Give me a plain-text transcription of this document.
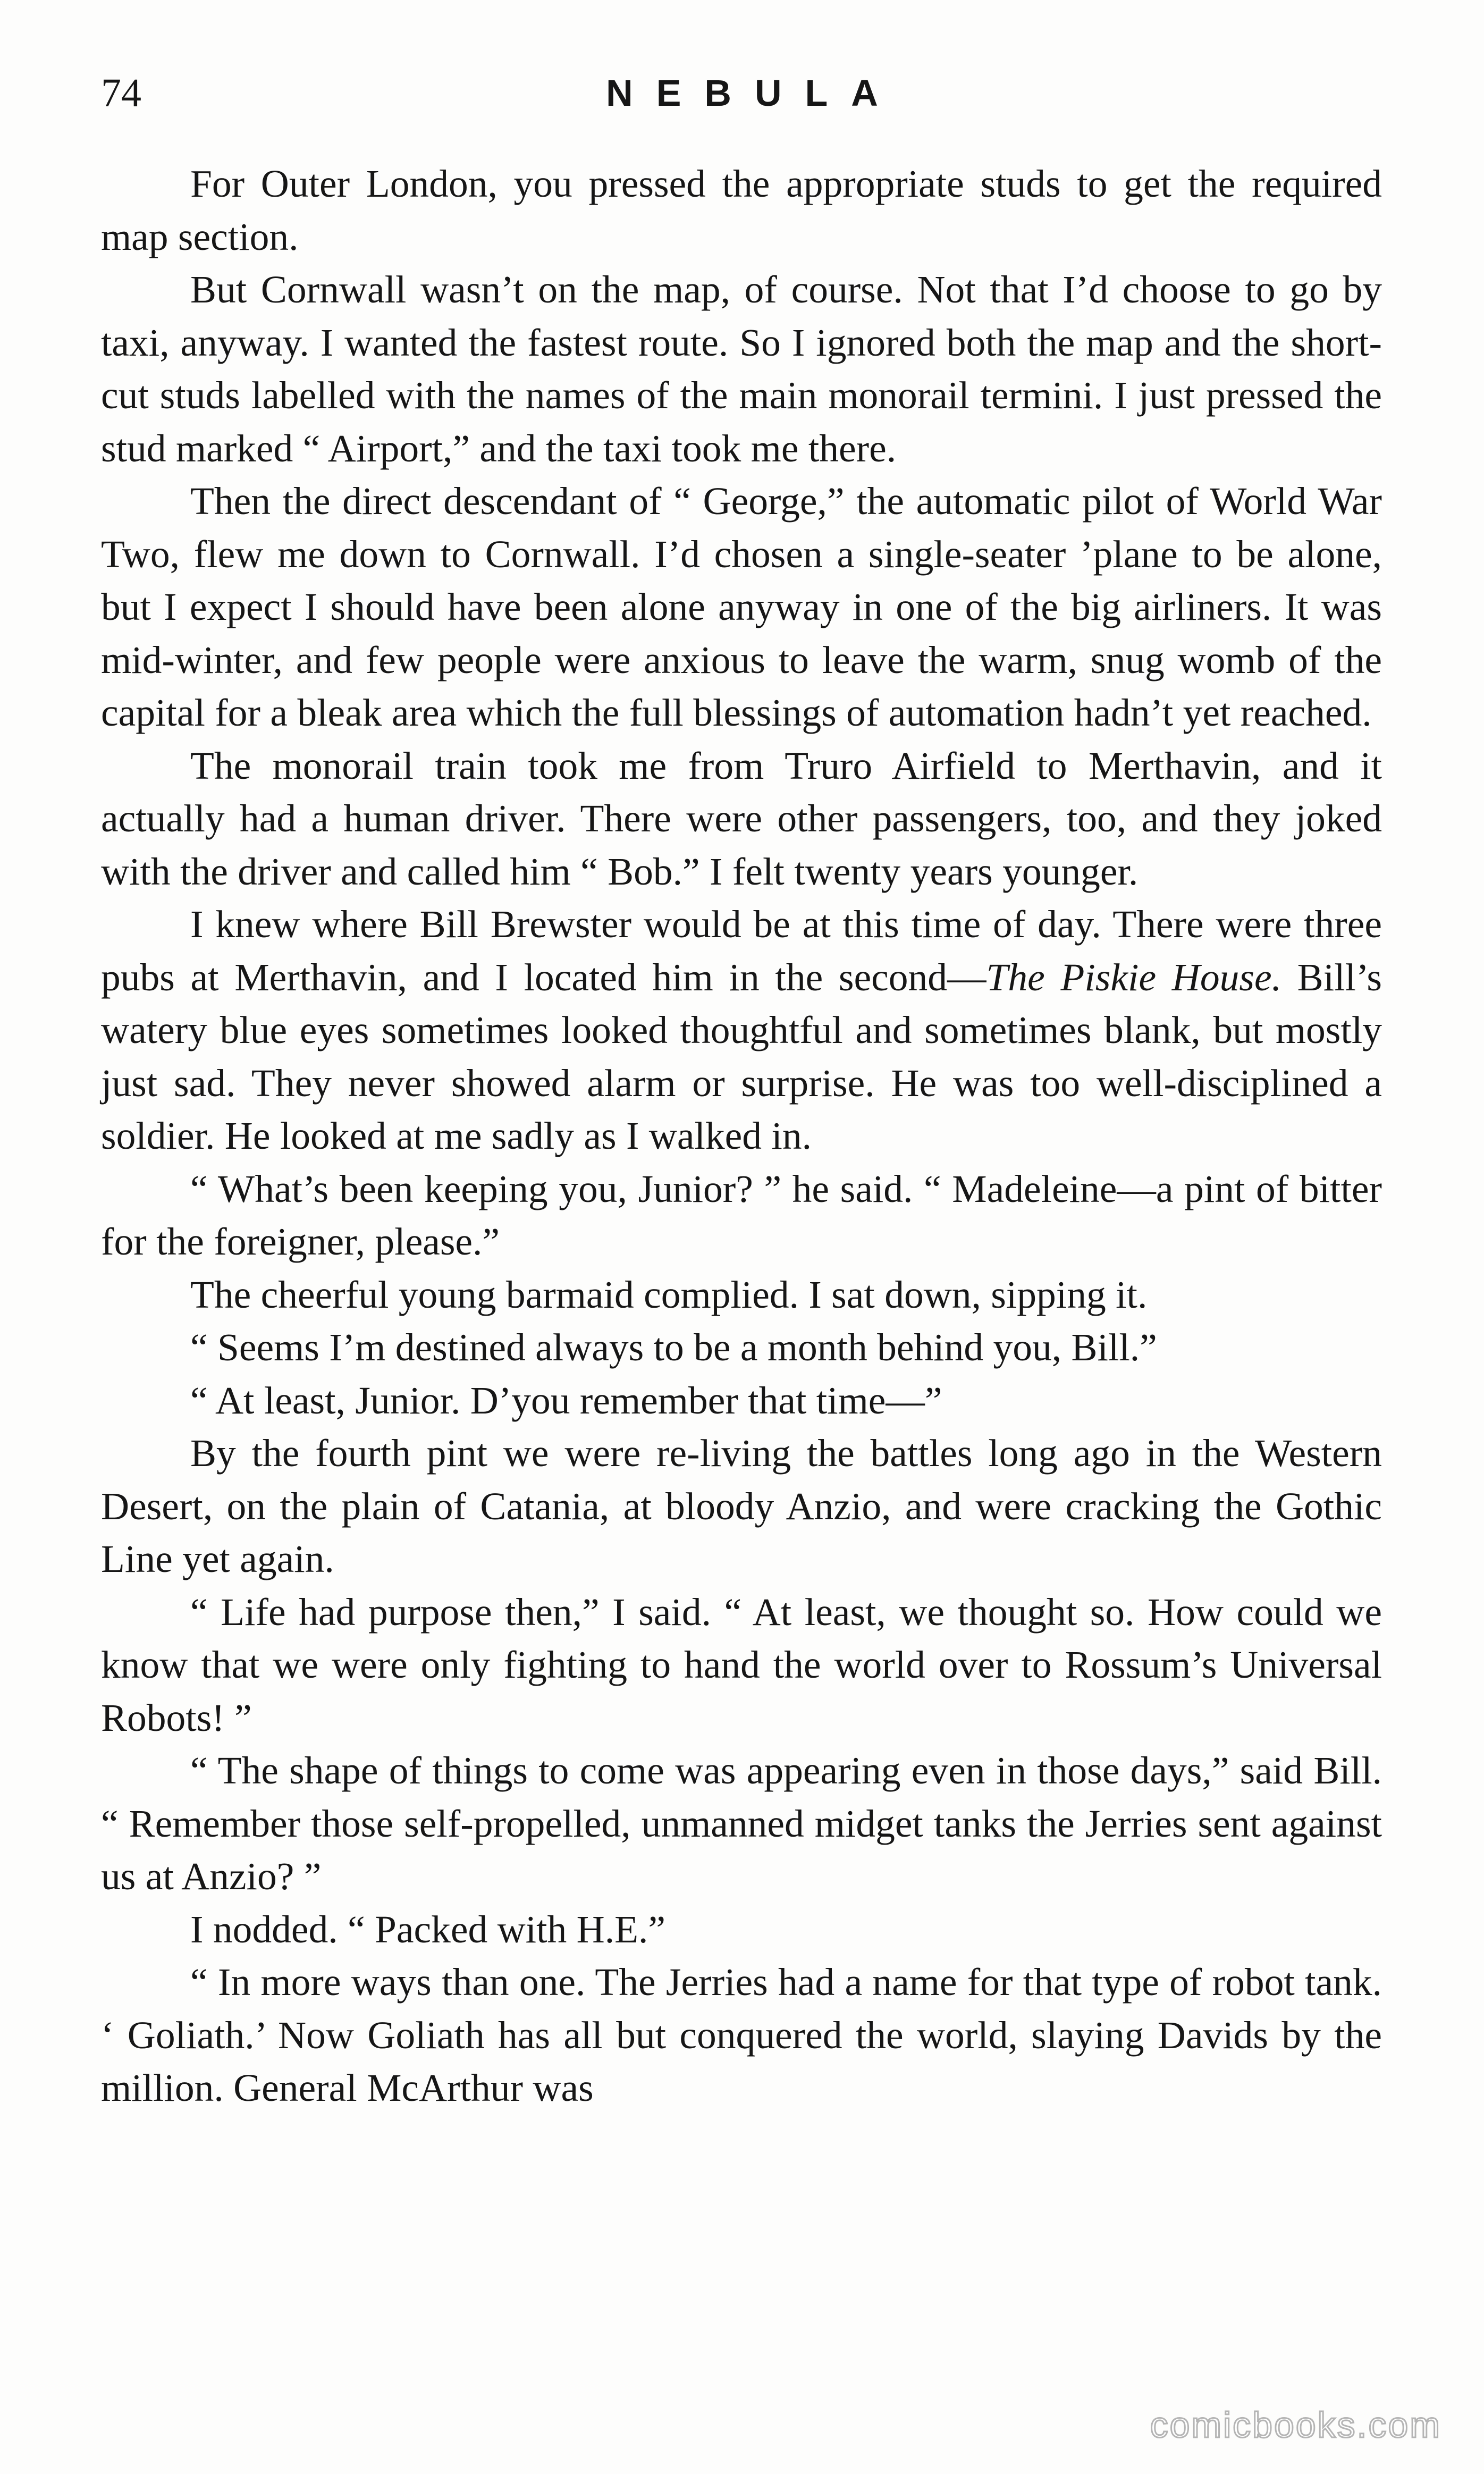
74	NEBULA

For Outer London, you pressed the appropriate studs to get the required map section.

But Cornwall wasn’t on the map, of course. Not that I’d choose to go by taxi, anyway. I wanted the fastest route. So I ignored both the map and the short-cut studs labelled with the names of the main monorail termini. I just pressed the stud marked “ Airport,” and the taxi took me there.

Then the direct descendant of “ George,” the automatic pilot of World War Two, flew me down to Cornwall. I’d chosen a single-seater ’plane to be alone, but I expect I should have been alone anyway in one of the big airliners. It was mid-winter, and few people were anxious to leave the warm, snug womb of the capital for a bleak area which the full blessings of automation hadn’t yet reached.

The monorail train took me from Truro Airfield to Merthavin, and it actually had a human driver. There were other passengers, too, and they joked with the driver and called him “ Bob.” I felt twenty years younger.

I knew where Bill Brewster would be at this time of day. There were three pubs at Merthavin, and I located him in the second—The Piskie House. Bill’s watery blue eyes sometimes looked thoughtful and sometimes blank, but mostly just sad. They never showed alarm or surprise. He was too well-disciplined a soldier. He looked at me sadly as I walked in.

“ What’s been keeping you, Junior? ” he said. “ Madeleine—a pint of bitter for the foreigner, please.”

The cheerful young barmaid complied. I sat down, sipping it.

“ Seems I’m destined always to be a month behind you, Bill.”

“ At least, Junior. D’you remember that time—”

By the fourth pint we were re-living the battles long ago in the Western Desert, on the plain of Catania, at bloody Anzio, and were cracking the Gothic Line yet again.

“ Life had purpose then,” I said. “ At least, we thought so. How could we know that we were only fighting to hand the world over to Rossum’s Universal Robots! ”

“ The shape of things to come was appearing even in those days,” said Bill. “ Remember those self-propelled, unmanned midget tanks the Jerries sent against us at Anzio? ”

I nodded. “ Packed with H.E.”

“ In more ways than one. The Jerries had a name for that type of robot tank. ‘ Goliath.’ Now Goliath has all but conquered the world, slaying Davids by the million. General McArthur was

comicbooks.com
